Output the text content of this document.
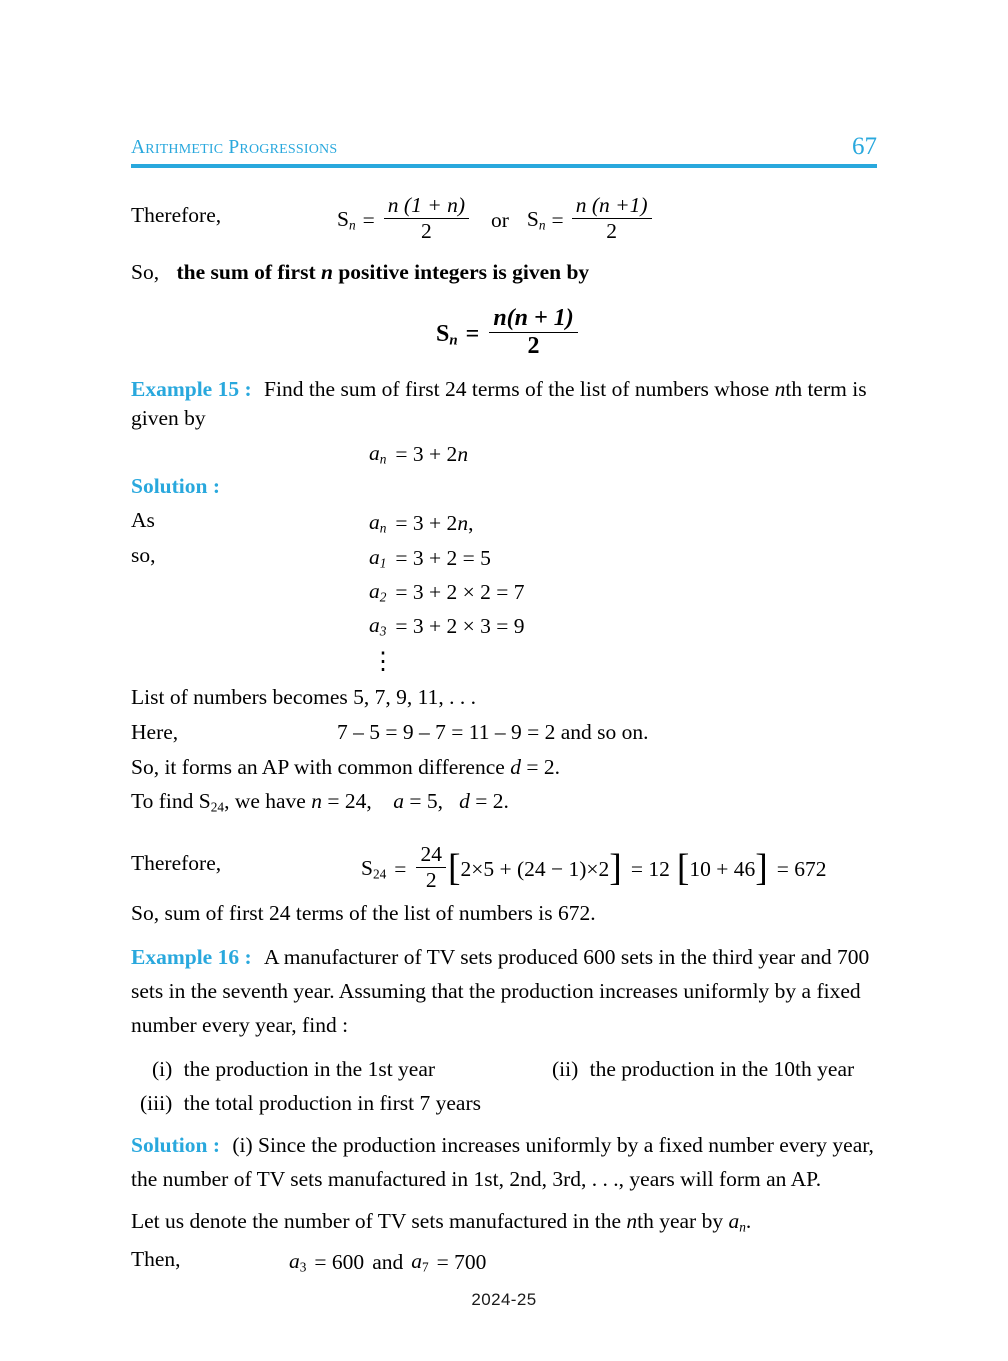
Arithmetic Progressions	67
Therefore,	$S_n = \frac{n (1 + n)}{2}$ or $S_n = \frac{n (n +1)}{2}$
So, the sum of first n positive integers is given by
$S_n = \frac{n(n + 1)}{2}$
Example 15 : Find the sum of first 24 terms of the list of numbers whose nth term is
given by
$a_n = 3 + 2n$
Solution :
As	$a_n = 3 + 2n$,
so,	$a_1 = 3 + 2 = 5$
$a_2 = 3 + 2 \times 2 = 7$
$a_3 = 3 + 2 \times 3 = 9$
⋮
List of numbers becomes 5, 7, 9, 11, . . .
Here,	7 – 5 = 9 – 7 = 11 – 9 = 2 and so on.
So, it forms an AP with common difference d = 2.
To find $S_{24}$, we have n = 24,    a = 5,   d = 2.
Therefore,	$S_{24} = \frac{24}{2}$ [ 2×5 + (24 − 1)×2 ] = 12 [ 10 + 46 ] = 672
So, sum of first 24 terms of the list of numbers is 672.
Example 16 : A manufacturer of TV sets produced 600 sets in the third year and 700
sets in the seventh year. Assuming that the production increases uniformly by a fixed
number every year, find :
(i) the production in the 1st year	(ii) the production in the 10th year
(iii) the total production in first 7 years
Solution : (i) Since the production increases uniformly by a fixed number every year,
the number of TV sets manufactured in 1st, 2nd, 3rd, . . ., years will form an AP.
Let us denote the number of TV sets manufactured in the nth year by $a_n$.
Then,	$a_3 = 600$ and $a_7 = 700$
2024-25
